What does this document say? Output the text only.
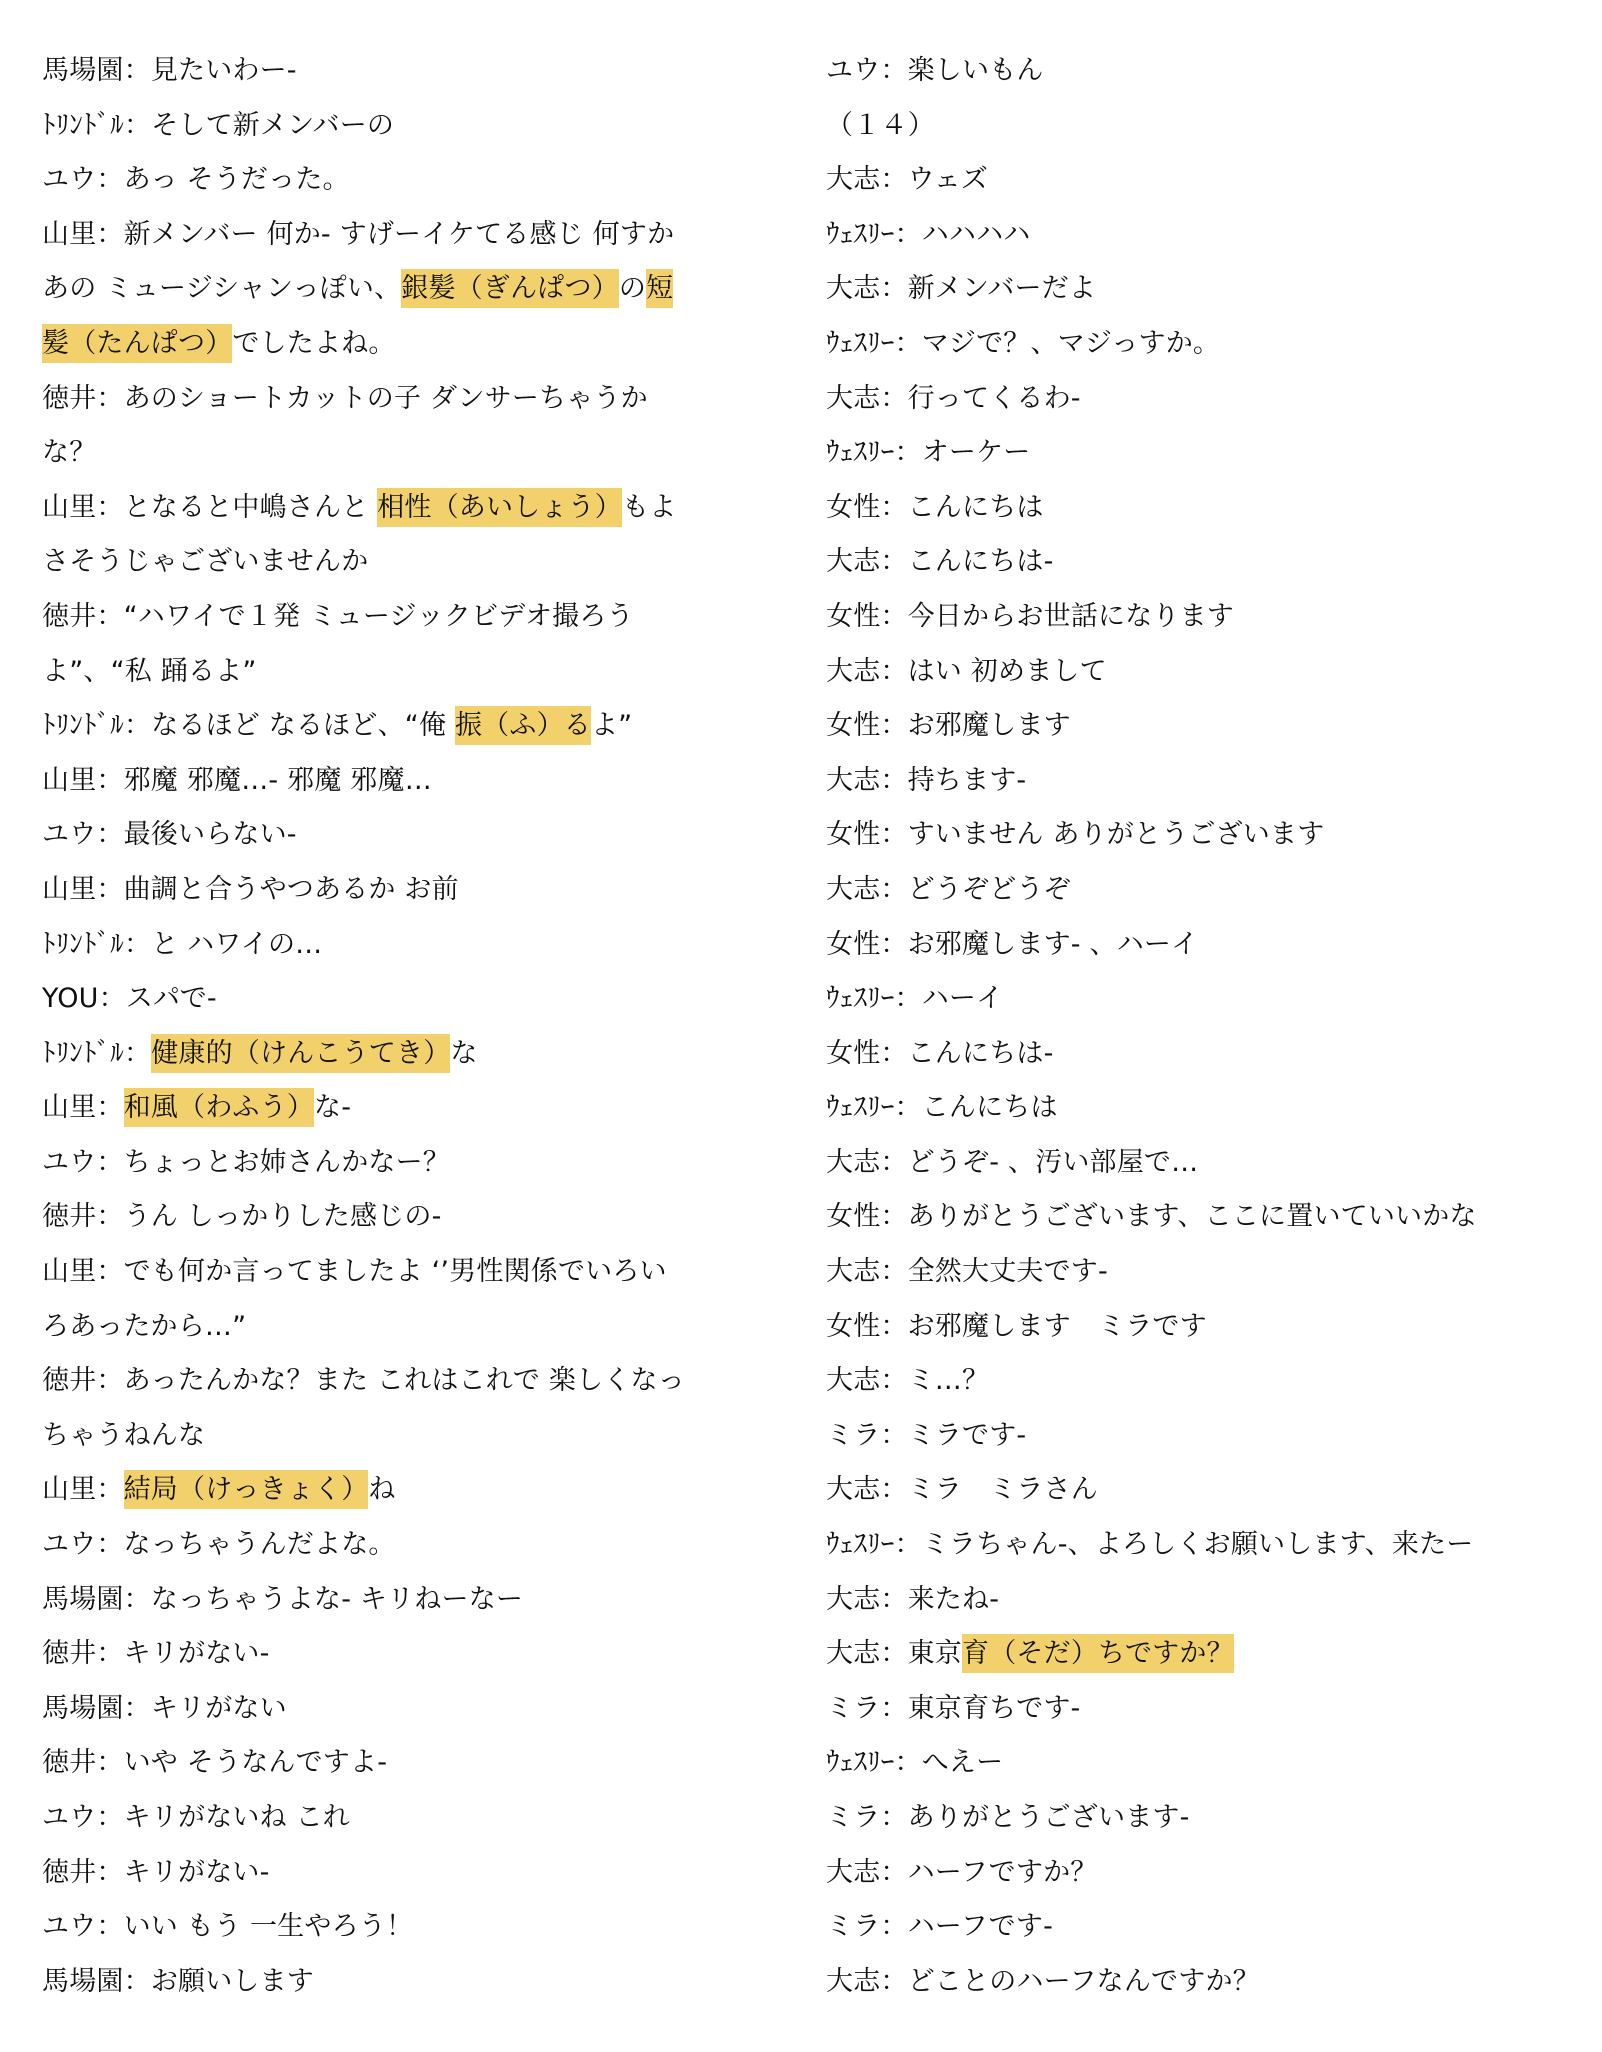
馬場園：見たいわー-
ﾄﾘﾝﾄﾞﾙ：そして新メンバーの
ユウ：あっ そうだった。
山里：新メンバー 何か- すげーイケてる感じ 何すか
あの ミュージシャンっぽい、銀髪（ぎんぱつ）の短
髪（たんぱつ）でしたよね。
徳井：あのショートカットの子 ダンサーちゃうか
な？
山里：となると中嶋さんと 相性（あいしょう）もよ
さそうじゃございませんか
徳井：“ハワイで１発 ミュージックビデオ撮ろう
よ”、“私 踊るよ”
ﾄﾘﾝﾄﾞﾙ：なるほど なるほど、“俺 振（ふ）るよ”
山里：邪魔 邪魔…- 邪魔 邪魔…
ユウ：最後いらない-
山里：曲調と合うやつあるか お前
ﾄﾘﾝﾄﾞﾙ：と ハワイの…
YOU：スパで-
ﾄﾘﾝﾄﾞﾙ：健康的（けんこうてき）な
山里：和風（わふう）な-
ユウ：ちょっとお姉さんかなー？
徳井：うん しっかりした感じの-
山里：でも何か言ってましたよ ‘’男性関係でいろい
ろあったから…”
徳井：あったんかな？また これはこれで 楽しくなっ
ちゃうねんな
山里：結局（けっきょく）ね
ユウ：なっちゃうんだよな。
馬場園：なっちゃうよな- キリねーなー
徳井：キリがない-
馬場園：キリがない
徳井：いや そうなんですよ-
ユウ：キリがないね これ
徳井：キリがない-
ユウ：いい もう 一生やろう！
馬場園：お願いします
ユウ：楽しいもん
（１４）
大志：ウェズ
ｳｪｽﾘｰ：ハハハハ
大志：新メンバーだよ
ｳｪｽﾘｰ：マジで？、マジっすか。
大志：行ってくるわ-
ｳｪｽﾘｰ：オーケー
女性：こんにちは
大志：こんにちは-
女性：今日からお世話になります
大志：はい 初めまして
女性：お邪魔します
大志：持ちます-
女性：すいません ありがとうございます
大志：どうぞどうぞ
女性：お邪魔します- 、ハーイ
ｳｪｽﾘｰ：ハーイ
女性：こんにちは-
ｳｪｽﾘｰ：こんにちは
大志：どうぞ- 、汚い部屋で…
女性：ありがとうございます、ここに置いていいかな
大志：全然大丈夫です-
女性：お邪魔します　ミラです
大志：ミ…？
ミラ：ミラです-
大志：ミラ　ミラさん
ｳｪｽﾘｰ：ミラちゃん-、よろしくお願いします、来たー
大志：来たね-
大志：東京育（そだ）ちですか？
ミラ：東京育ちです-
ｳｪｽﾘｰ：へえー
ミラ：ありがとうございます-
大志：ハーフですか？
ミラ：ハーフです-
大志：どことのハーフなんですか？
